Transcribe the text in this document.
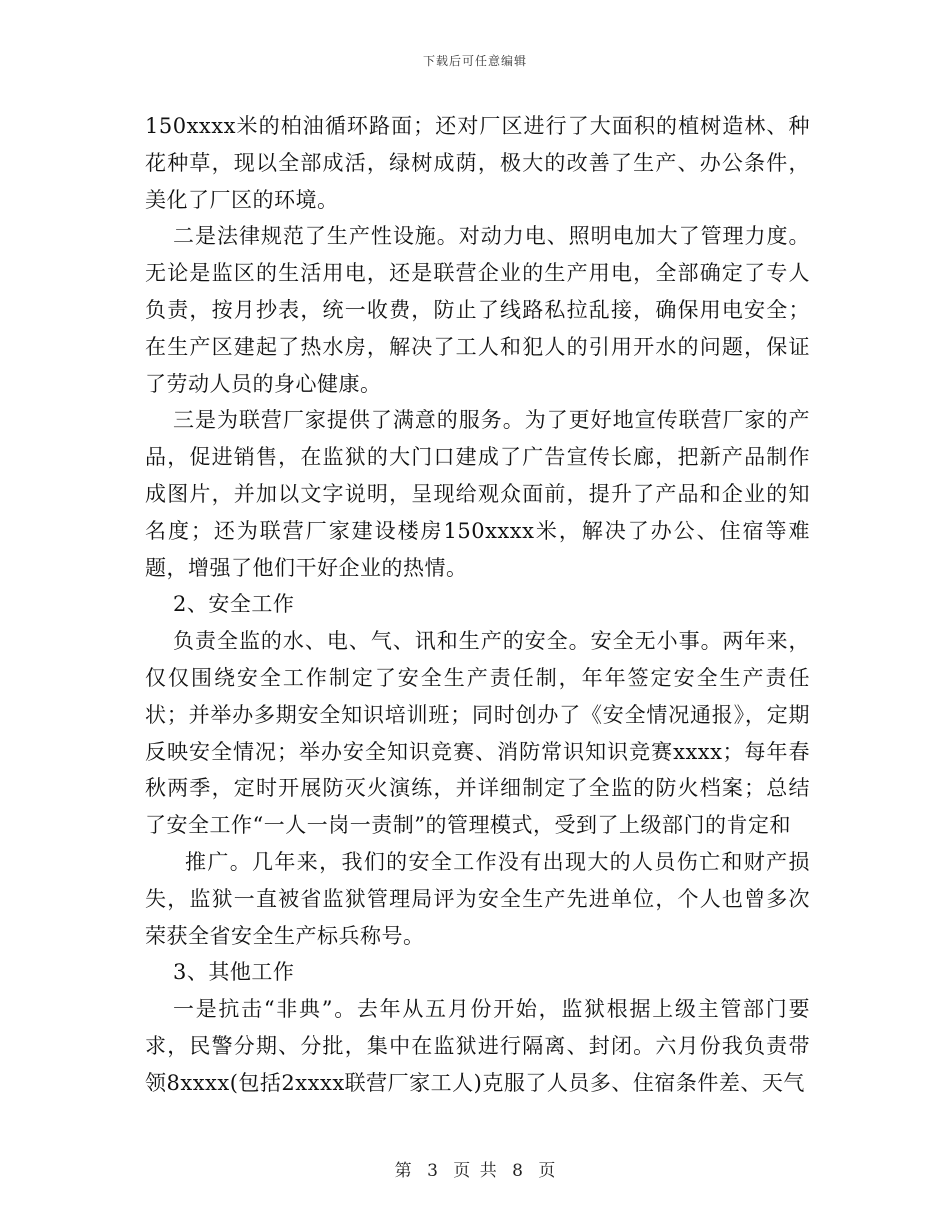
下载后可任意编辑

150xxxx米的柏油循环路面；还对厂区进行了大面积的植树造林、种花种草，现以全部成活，绿树成荫，极大的改善了生产、办公条件，美化了厂区的环境。

二是法律规范了生产性设施。对动力电、照明电加大了管理力度。无论是监区的生活用电，还是联营企业的生产用电，全部确定了专人负责，按月抄表，统一收费，防止了线路私拉乱接，确保用电安全；在生产区建起了热水房，解决了工人和犯人的引用开水的问题，保证了劳动人员的身心健康。

三是为联营厂家提供了满意的服务。为了更好地宣传联营厂家的产品，促进销售，在监狱的大门口建成了广告宣传长廊，把新产品制作成图片，并加以文字说明，呈现给观众面前，提升了产品和企业的知名度；还为联营厂家建设楼房150xxxx米，解决了办公、住宿等难题，增强了他们干好企业的热情。

2、安全工作

负责全监的水、电、气、讯和生产的安全。安全无小事。两年来，仅仅围绕安全工作制定了安全生产责任制，年年签定安全生产责任状；并举办多期安全知识培训班；同时创办了《安全情况通报》，定期反映安全情况；举办安全知识竞赛、消防常识知识竞赛xxxx；每年春秋两季，定时开展防灭火演练，并详细制定了全监的防火档案；总结了安全工作“一人一岗一责制”的管理模式，受到了上级部门的肯定和

推广。几年来，我们的安全工作没有出现大的人员伤亡和财产损失，监狱一直被省监狱管理局评为安全生产先进单位，个人也曾多次荣获全省安全生产标兵称号。

3、其他工作

一是抗击“非典”。去年从五月份开始，监狱根据上级主管部门要求，民警分期、分批，集中在监狱进行隔离、封闭。六月份我负责带领8xxxx(包括2xxxx联营厂家工人)克服了人员多、住宿条件差、天气

第 3 页 共 8 页
